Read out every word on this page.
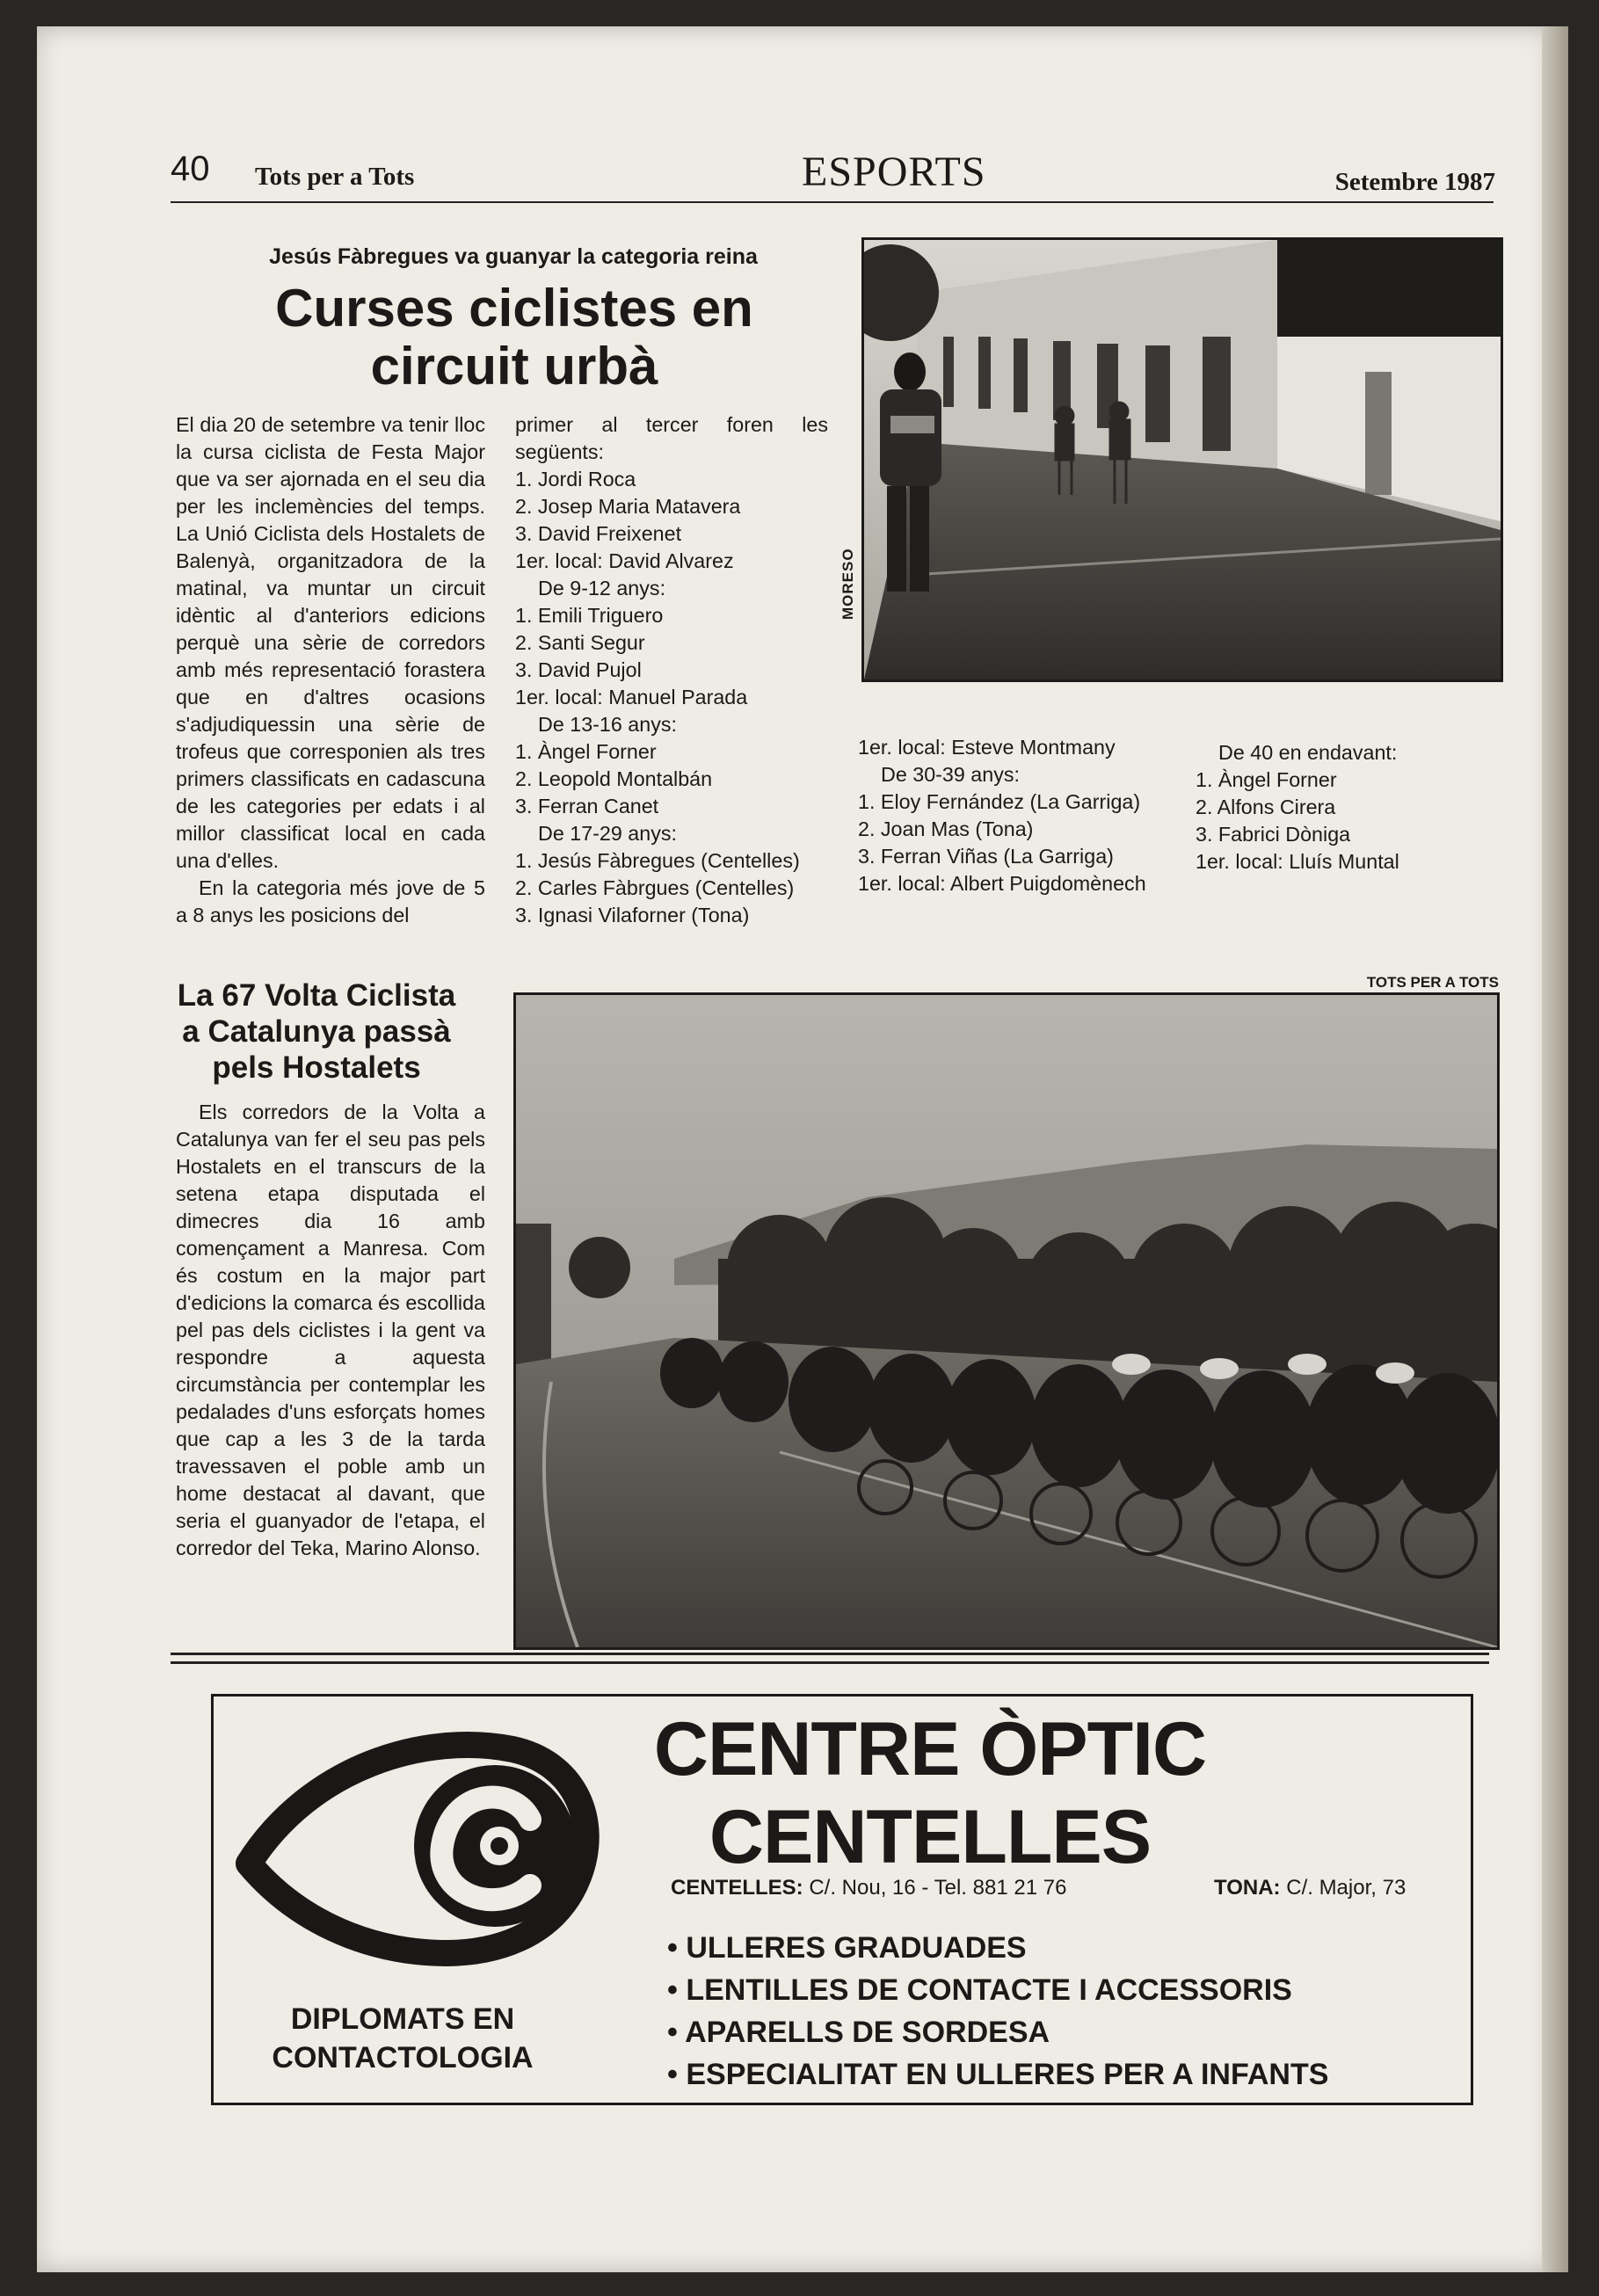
40 Tots per a Tots	ESPORTS	Setembre 1987
Jesús Fàbregues va guanyar la categoria reina
Curses ciclistes en
circuit urbà

El dia 20 de setembre va tenir lloc la cursa ciclista de Festa Major que va ser ajornada en el seu dia per les inclemències del temps. La Unió Ciclista dels Hostalets de Balenyà, organitzadora de la matinal, va muntar un circuit idèntic al d'anteriors edicions perquè una sèrie de corredors amb més representació forastera que en d'altres ocasions s'adjudiquessin una sèrie de trofeus que corresponien als tres primers classificats en cadascuna de les categories per edats i al millor classificat local en cada una d'elles.

En la categoria més jove de 5 a 8 anys les posicions del

primer al tercer foren les següents:

1. Jordi Roca

2. Josep Maria Matavera

3. David Freixenet

1er. local: David Alvarez

De 9-12 anys:

1. Emili Triguero

2. Santi Segur

3. David Pujol

1er. local: Manuel Parada

De 13-16 anys:

1. Àngel Forner

2. Leopold Montalbán

3. Ferran Canet

De 17-29 anys:

1. Jesús Fàbregues (Centelles)

2. Carles Fàbrgues (Centelles)

3. Ignasi Vilaforner (Tona)

1er. local: Esteve Montmany

De 30-39 anys:

1. Eloy Fernández (La Garriga)

2. Joan Mas (Tona)

3. Ferran Viñas (La Garriga)

1er. local: Albert Puigdomènech

De 40 en endavant:

1. Àngel Forner

2. Alfons Cirera

3. Fabrici Dòniga

1er. local: Lluís Muntal

MORESO
La 67 Volta Ciclista
a Catalunya passà
pels Hostalets

Els corredors de la Volta a Catalunya van fer el seu pas pels Hostalets en el transcurs de la setena etapa disputada el dimecres dia 16 amb començament a Manresa. Com és costum en la major part d'edicions la comarca és escollida pel pas dels ciclistes i la gent va respondre a aquesta circumstància per contemplar les pedalades d'uns esforçats homes que cap a les 3 de la tarda travessaven el poble amb un home destacat al davant, que seria el guanyador de l'etapa, el corredor del Teka, Marino Alonso.

TOTS PER A TOTS
CENTRE ÒPTIC
CENTELLES
CENTELLES: C/. Nou, 16 - Tel. 881 21 76	TONA: C/. Major, 73
• ULLERES GRADUADES
• LENTILLES DE CONTACTE I ACCESSORIS
• APARELLS DE SORDESA
• ESPECIALITAT EN ULLERES PER A INFANTS
DIPLOMATS EN
CONTACTOLOGIA
